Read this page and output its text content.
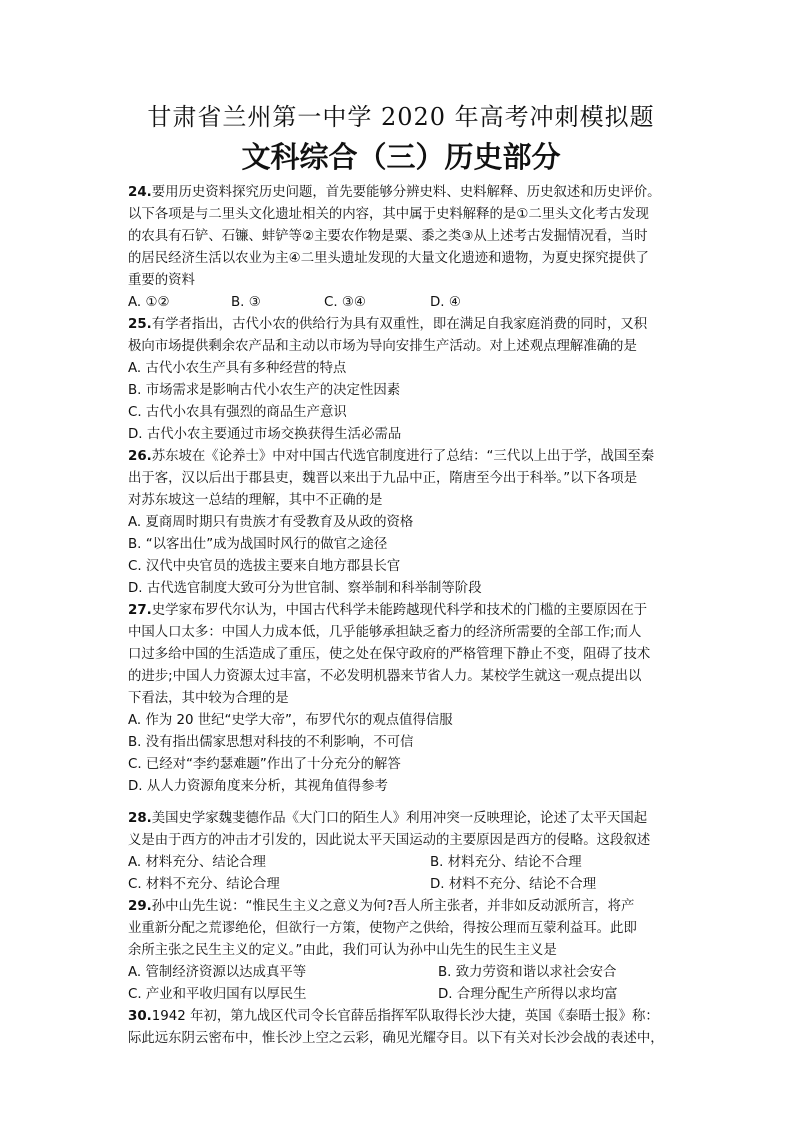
甘肃省兰州第一中学 2020 年高考冲刺模拟题
文科综合（三）历史部分
24.要用历史资料探究历史问题，首先要能够分辨史料、史料解释、历史叙述和历史评价。
以下各项是与二里头文化遗址相关的内容，其中属于史料解释的是①二里头文化考古发现
的农具有石铲、石镰、蚌铲等②主要农作物是粟、黍之类③从上述考古发掘情况看，当时
的居民经济生活以农业为主④二里头遗址发现的大量文化遗迹和遗物，为夏史探究提供了
重要的资料
A. ①②	B. ③	C. ③④	D. ④
25.有学者指出，古代小农的供给行为具有双重性，即在满足自我家庭消费的同时，又积
极向市场提供剩余农产品和主动以市场为导向安排生产活动。对上述观点理解准确的是
A. 古代小农生产具有多种经营的特点
B. 市场需求是影响古代小农生产的决定性因素
C. 古代小农具有强烈的商品生产意识
D. 古代小农主要通过市场交换获得生活必需品
26.苏东坡在《论养士》中对中国古代选官制度进行了总结：“三代以上出于学，战国至秦
出于客，汉以后出于郡县吏，魏晋以来出于九品中正，隋唐至今出于科举。”以下各项是
对苏东坡这一总结的理解，其中不正确的是
A. 夏商周时期只有贵族才有受教育及从政的资格
B. “以客出仕”成为战国时风行的做官之途径
C. 汉代中央官员的选拔主要来自地方郡县长官
D. 古代选官制度大致可分为世官制、察举制和科举制等阶段
27.史学家布罗代尔认为，中国古代科学未能跨越现代科学和技术的门槛的主要原因在于
中国人口太多：中国人力成本低，几乎能够承担缺乏畜力的经济所需要的全部工作;而人
口过多给中国的生活造成了重压，使之处在保守政府的严格管理下静止不变，阻碍了技术
的进步;中国人力资源太过丰富，不必发明机器来节省人力。某校学生就这一观点提出以
下看法，其中较为合理的是
A. 作为 20 世纪“史学大帝”，布罗代尔的观点值得信服
B. 没有指出儒家思想对科技的不利影响，不可信
C. 已经对“李约瑟难题”作出了十分充分的解答
D. 从人力资源角度来分析，其视角值得参考
28.美国史学家魏斐德作品《大门口的陌生人》利用冲突一反映理论，论述了太平天国起
义是由于西方的冲击才引发的，因此说太平天国运动的主要原因是西方的侵略。这段叙述
A. 材料充分、结论合理	B. 材料充分、结论不合理
C. 材料不充分、结论合理	D. 材料不充分、结论不合理
29.孙中山先生说：“惟民生主义之意义为何?吾人所主张者，并非如反动派所言，将产
业重新分配之荒谬绝伦，但欲行一方策，使物产之供给，得按公理而互蒙利益耳。此即
余所主张之民生主义的定义。”由此，我们可认为孙中山先生的民生主义是
A. 管制经济资源以达成真平等	B. 致力劳资和谐以求社会安合
C. 产业和平收归国有以厚民生	D. 合理分配生产所得以求均富
30.1942 年初，第九战区代司令长官薛岳指挥军队取得长沙大捷，英国《泰晤士报》称：
际此远东阴云密布中，惟长沙上空之云彩，确见光耀夺目。以下有关对长沙会战的表述中，
